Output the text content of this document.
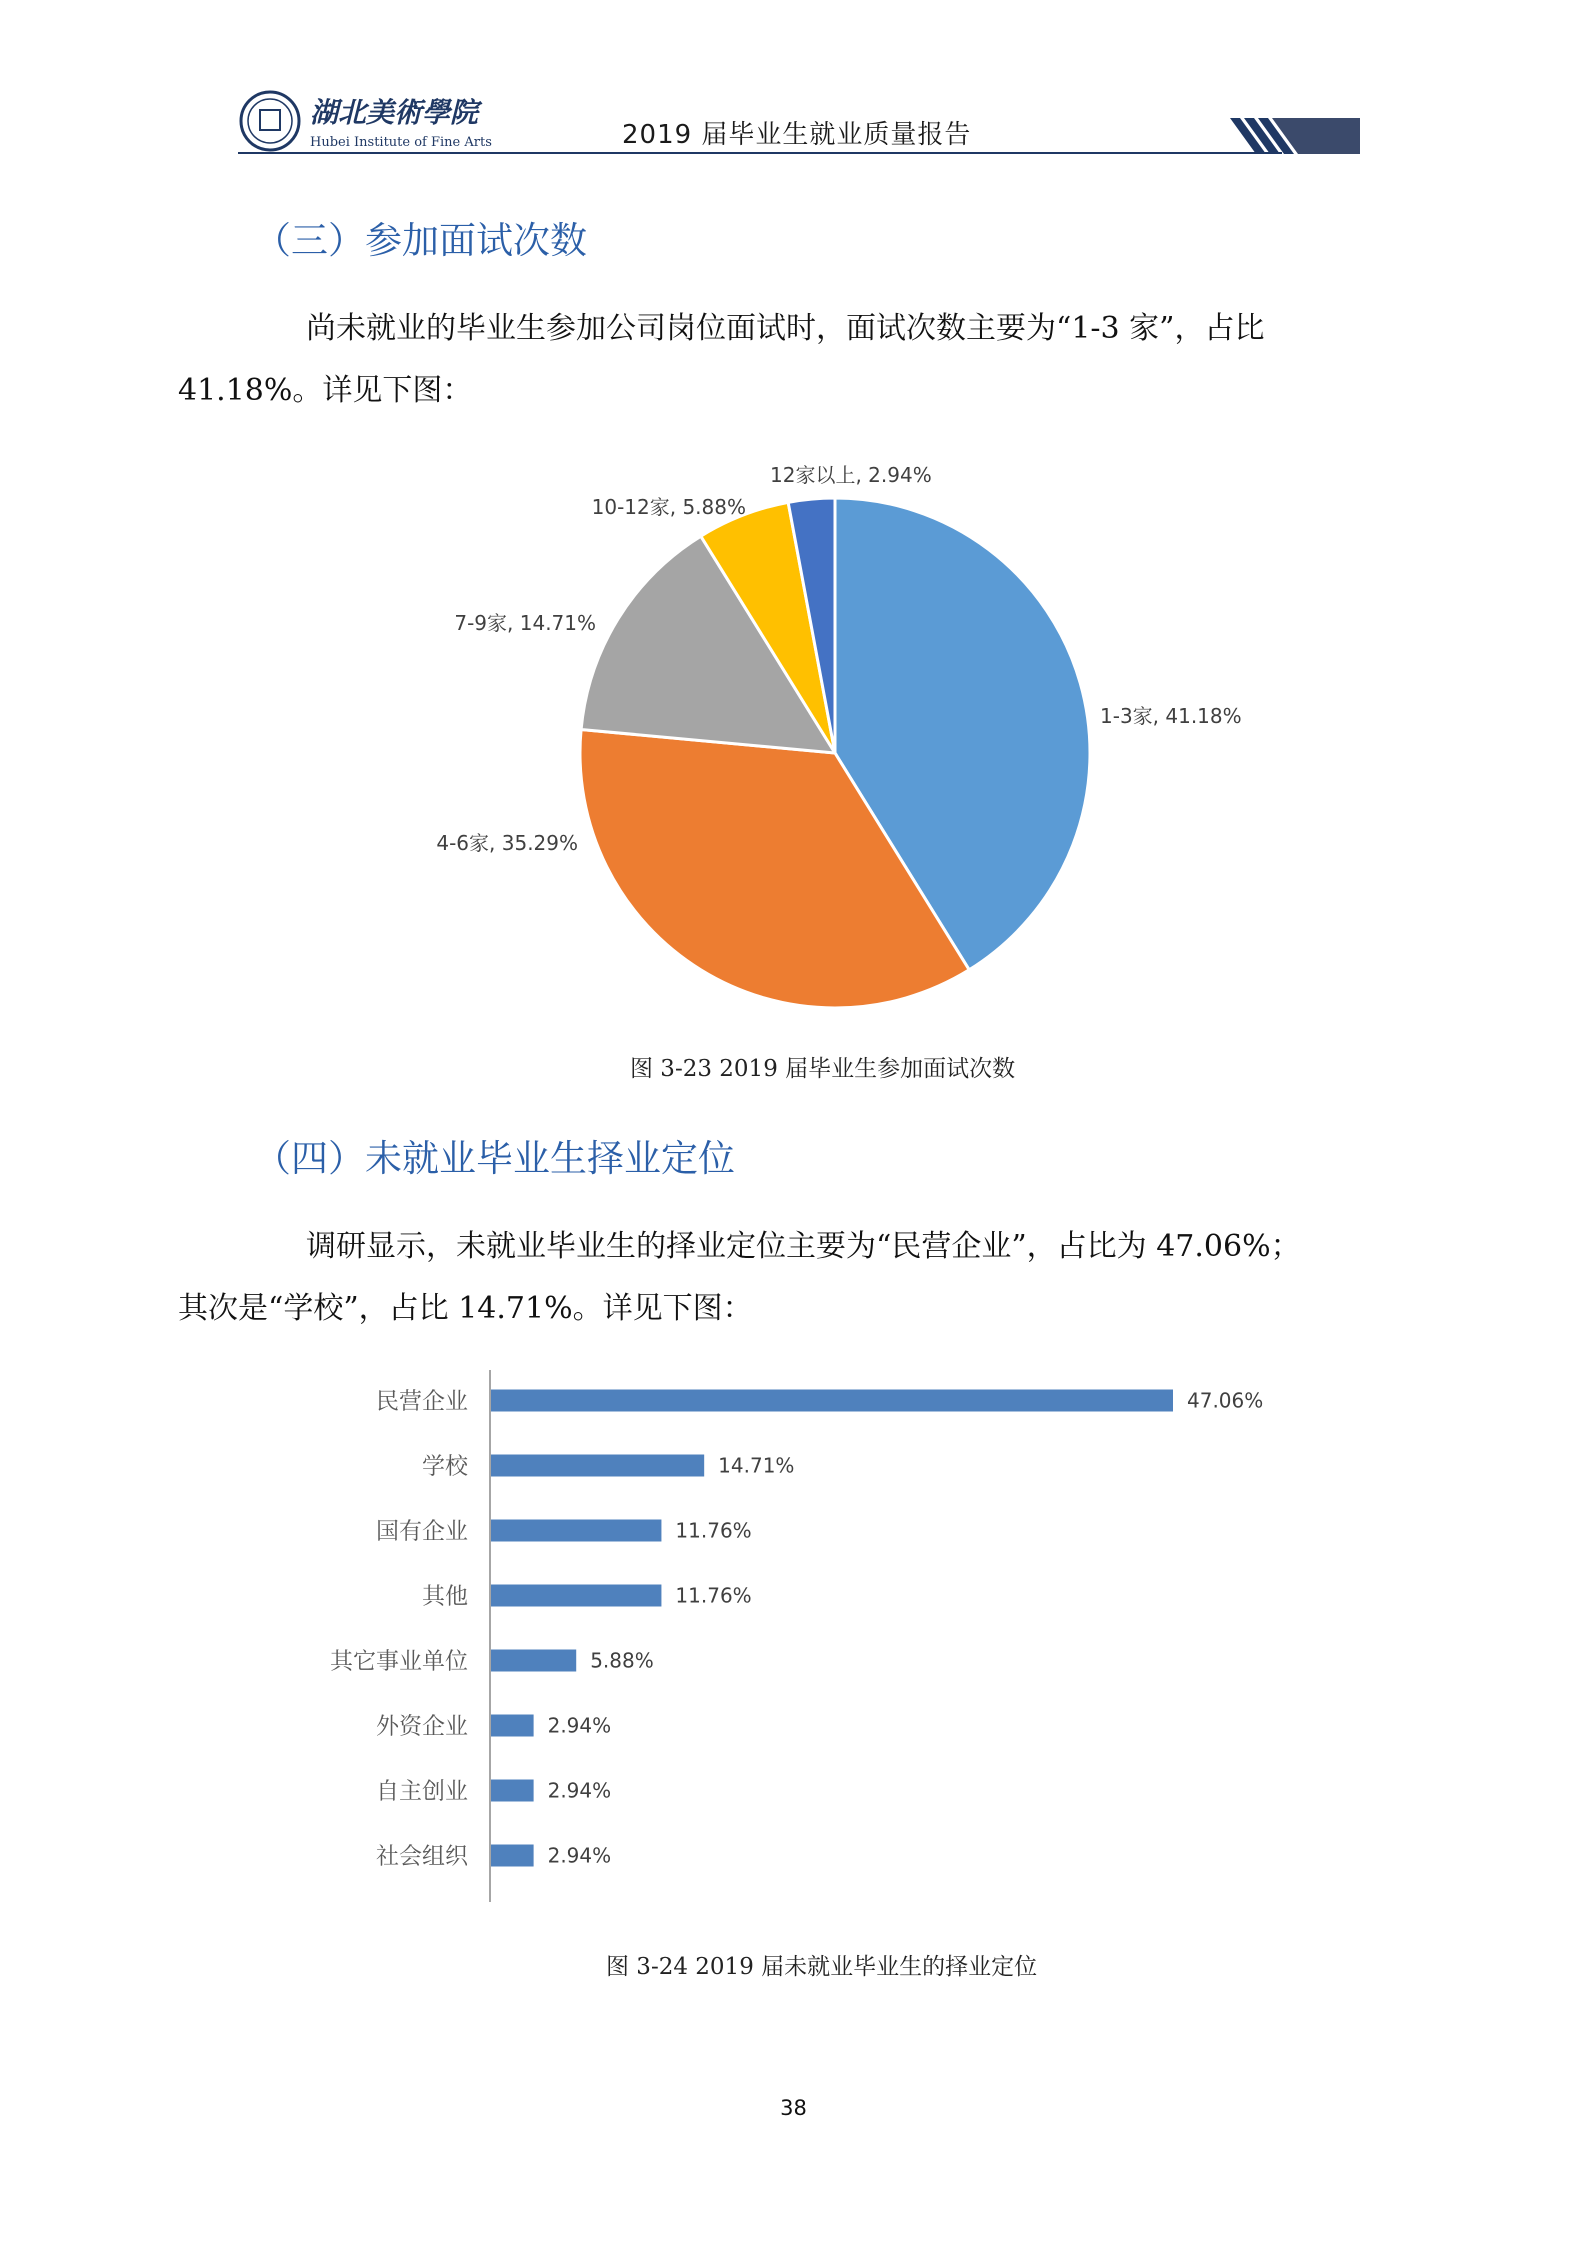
湖北美術學院
Hubei Institute of Fine Arts	2019 届毕业生就业质量报告
（三）参加面试次数
尚未就业的毕业生参加公司岗位面试时，面试次数主要为“1-3 家”，占比
41.18%。详见下图：
1-3家, 41.18%
4-6家, 35.29%
7-9家, 14.71%
10-12家, 5.88%
12家以上, 2.94%
图 3-23 2019 届毕业生参加面试次数
（四）未就业毕业生择业定位
调研显示，未就业毕业生的择业定位主要为“民营企业”，占比为 47.06%；
其次是“学校”，占比 14.71%。详见下图：
民营企业	47.06%
学校	14.71%
国有企业	11.76%
其他	11.76%
其它事业单位	5.88%
外资企业	2.94%
自主创业	2.94%
社会组织	2.94%
图 3-24 2019 届未就业毕业生的择业定位
38
